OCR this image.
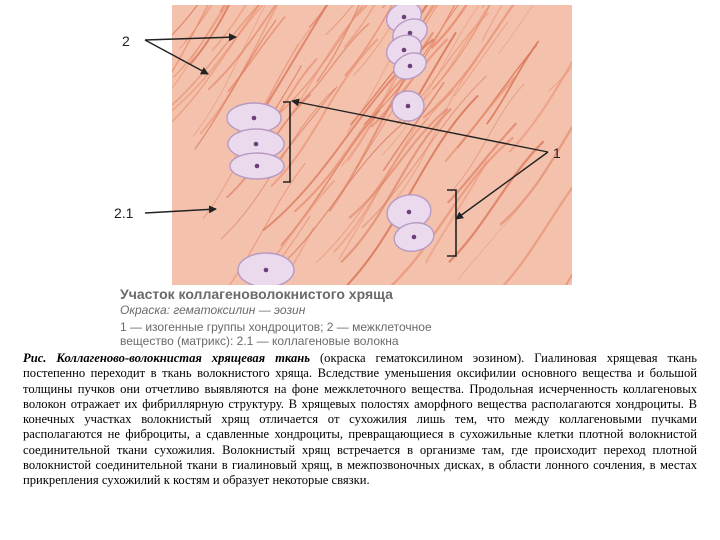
2
1
2.1
Участок коллагеноволокнистого хряща
Окраска: гематоксилин — эозин
1 — изогенные группы хондроцитов; 2 — межклеточное
вещество (матрикс): 2.1 — коллагеновые волокна
Рис. Коллагеново-волокнистая хрящевая ткань (окраска гематоксилином эозином). Гиалиновая хрящевая ткань постепенно переходит в ткань волокнистого хряща. Вследствие уменьшения оксифилии основного вещества и большой толщины пучков они отчетливо выявляются на фоне межклеточного вещества. Продольная исчерченность коллагеновых волокон отражает их фибриллярную структуру. В хрящевых полостях аморфного вещества располагаются хондроциты. В конечных участках волокнистый хрящ отличается от сухожилия лишь тем, что между коллагеновыми пучками располагаются не фиброциты, а сдавленные хондроциты, превращающиеся в сухожильные клетки плотной волокнистой соединительной ткани сухожилия. Волокнистый хрящ встречается в организме там, где происходит переход плотной волокнистой соединительной ткани в гиалиновый хрящ, в межпозвоночных дисках, в области лонного сочления, в местах прикрепления сухожилий к костям и образует некоторые связки.
